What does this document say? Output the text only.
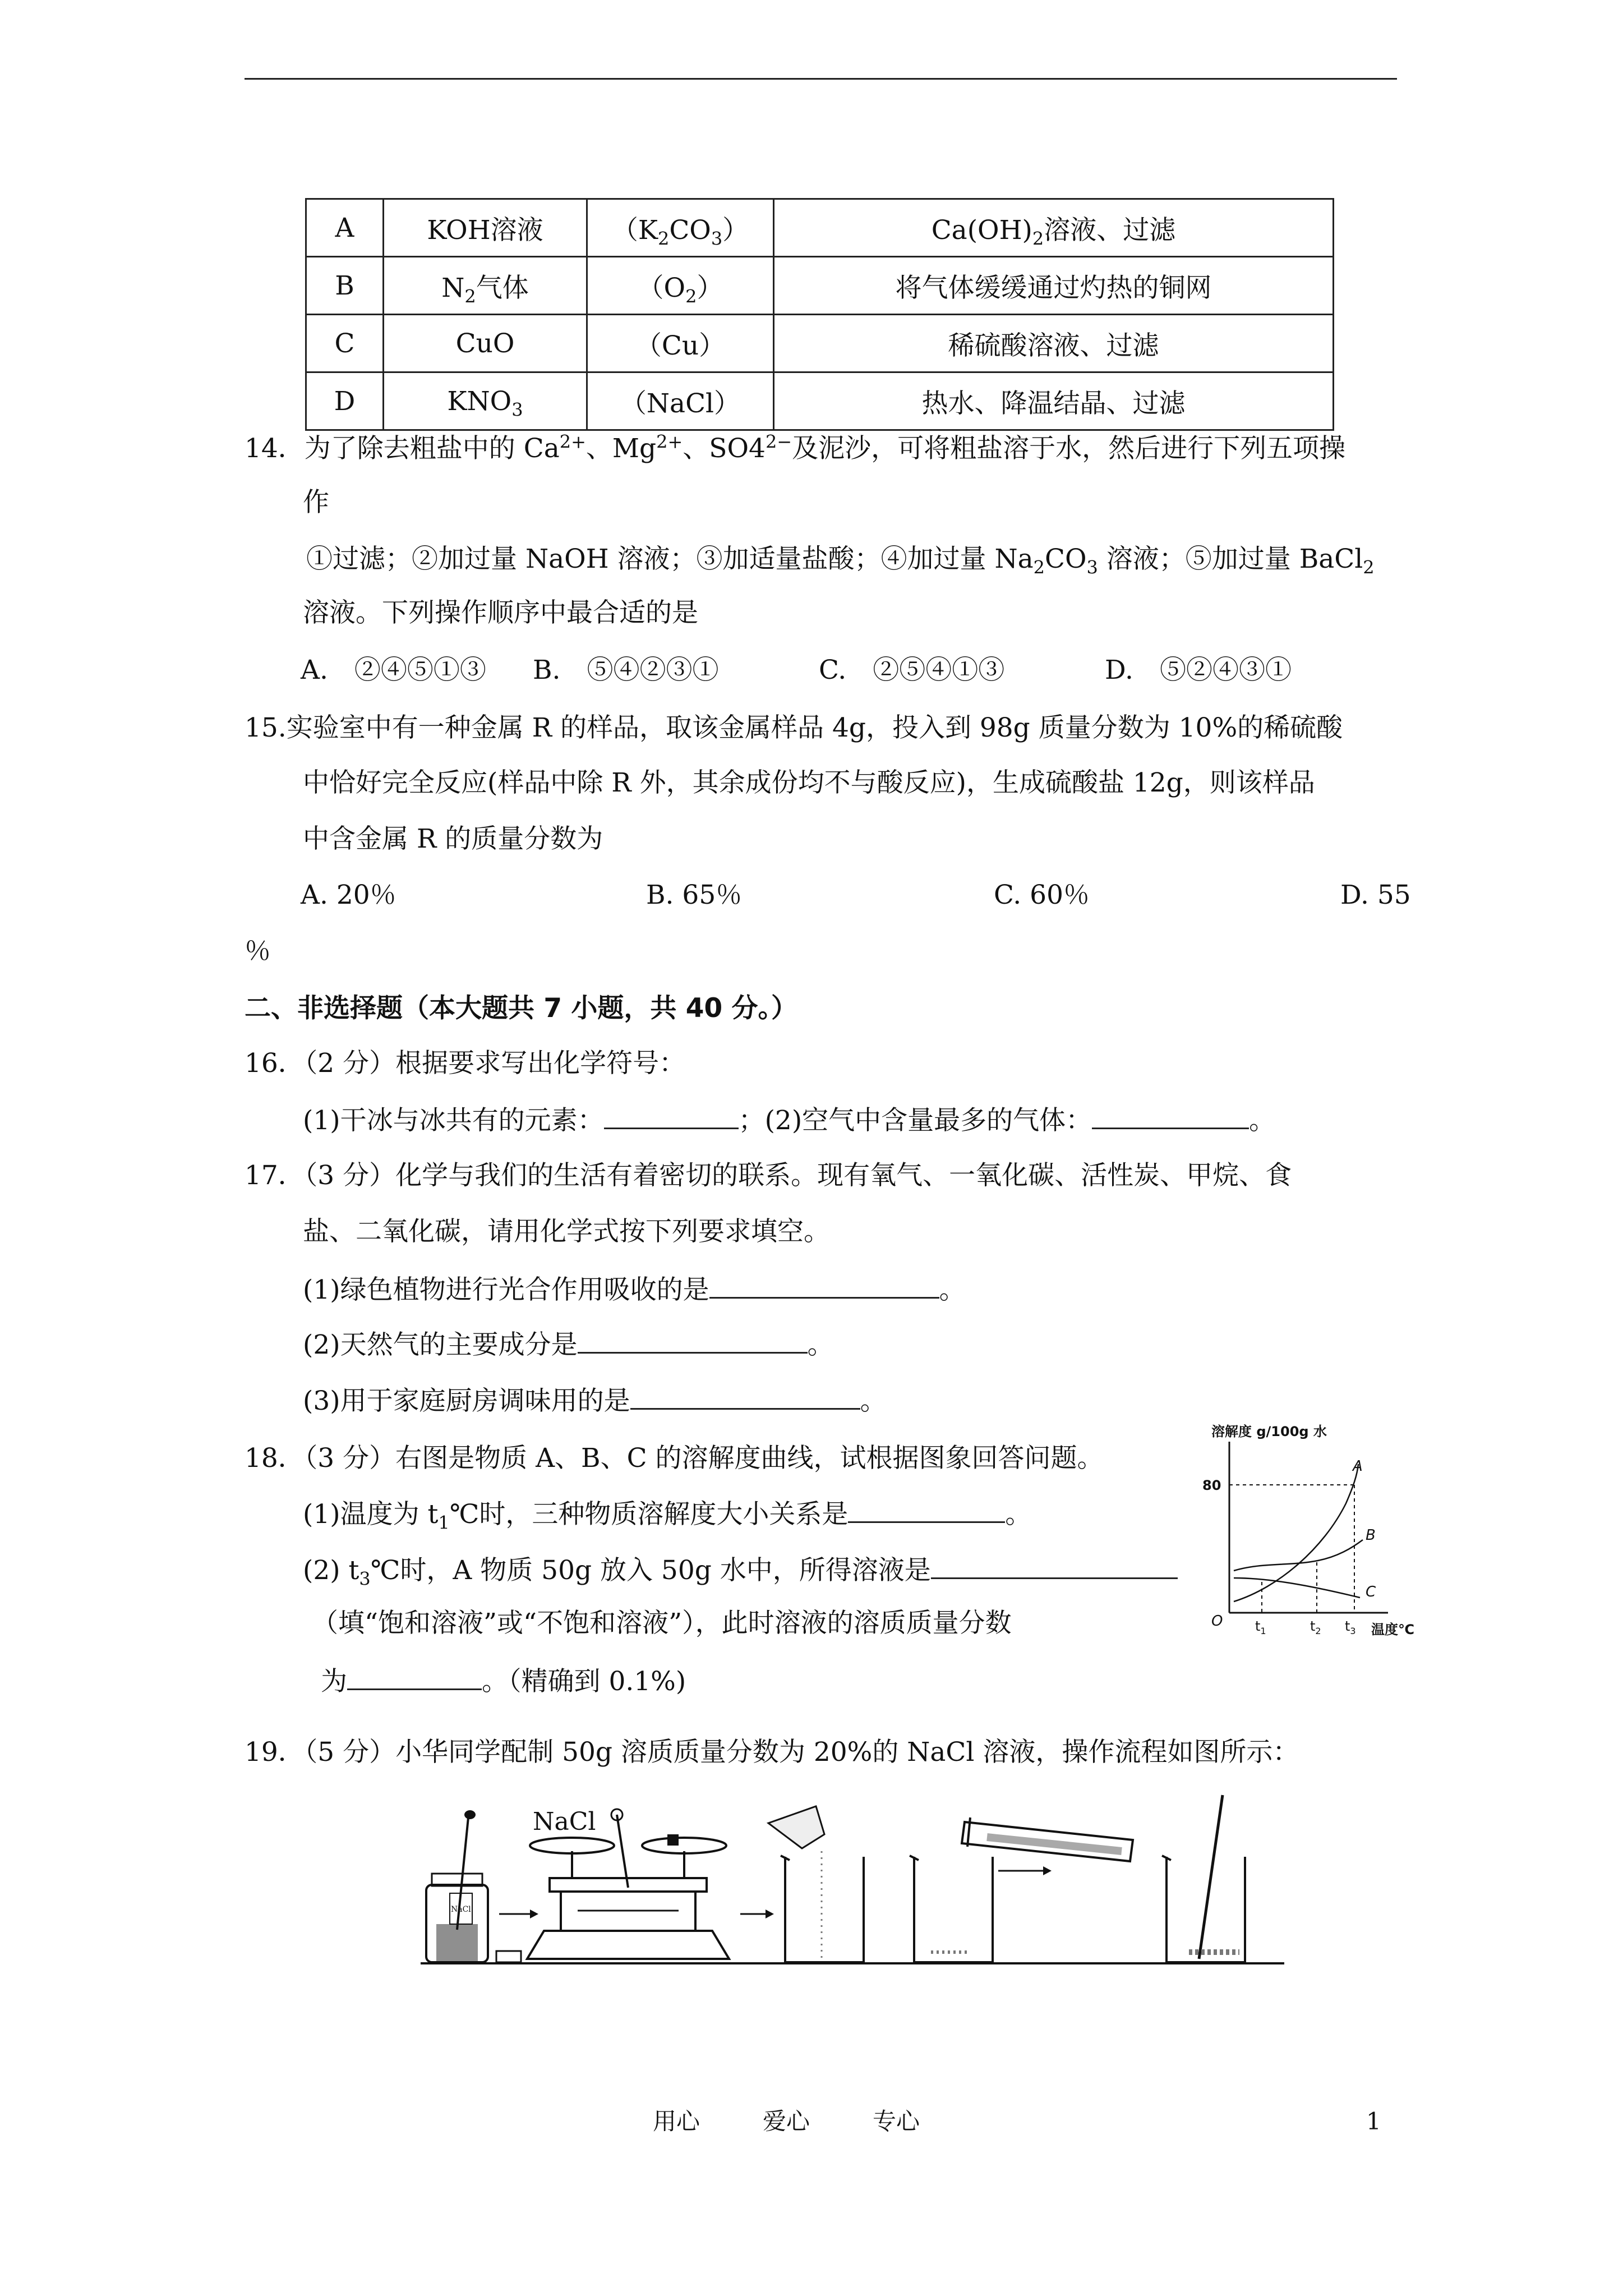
A	KOH溶液	$(K_2CO_3)$	$Ca(OH)_2$溶液、过滤
B	$N_2$气体	$(O_2)$	将气体缓缓通过灼热的铜网
C	CuO	（Cu）	稀硫酸溶液、过滤
D	$KNO_3$	（NaCl）	热水、降温结晶、过滤
14．为了除去粗盐中的 $Ca^{2+}$、$Mg^{2+}$、$SO4^{2-}$及泥沙，可将粗盐溶于水，然后进行下列五项操
作
①过滤；②加过量 NaOH 溶液；③加适量盐酸；④加过量 $Na_2CO_3$ 溶液；⑤加过量 BaCl$_2$
溶液。下列操作顺序中最合适的是
A.　②④⑤①③ B.　⑤④②③①	C.　②⑤④①③	D.　⑤②④③①
15.实验室中有一种金属 R 的样品，取该金属样品 4g，投入到 98g 质量分数为 10%的稀硫酸
中恰好完全反应(样品中除 R 外，其余成份均不与酸反应)，生成硫酸盐 12g，则该样品
中含金属 R 的质量分数为
A. 20％	B. 65％	C. 60％	D. 55
％
二、非选择题（本大题共 7 小题，共 40 分。）
16．（2 分）根据要求写出化学符号：
(1)干冰与冰共有的元素：	；(2)空气中含量最多的气体：	。
17．（3 分）化学与我们的生活有着密切的联系。现有氧气、一氧化碳、活性炭、甲烷、食
盐、二氧化碳，请用化学式按下列要求填空。
(1)绿色植物进行光合作用吸收的是	。
(2)天然气的主要成分是	。
(3)用于家庭厨房调味用的是	。
18．（3 分）右图是物质 A、B、C 的溶解度曲线，试根据图象回答问题。
(1)温度为 $t_1℃$时，三种物质溶解度大小关系是	。
(2) $t_3℃$时，A 物质 50g 放入 50g 水中，所得溶液是
（填“饱和溶液”或“不饱和溶液”），此时溶液的溶质质量分数
为	。（精确到 0.1%)
溶解度 g/100g 水
80
A
B
C
O $t_1$	$t_2$ $t_3$ 温度℃
19．（5 分）小华同学配制 50g 溶质质量分数为 20%的 NaCl 溶液，操作流程如图所示：
NaCl
NaCl
用心	爱心	专心	1
